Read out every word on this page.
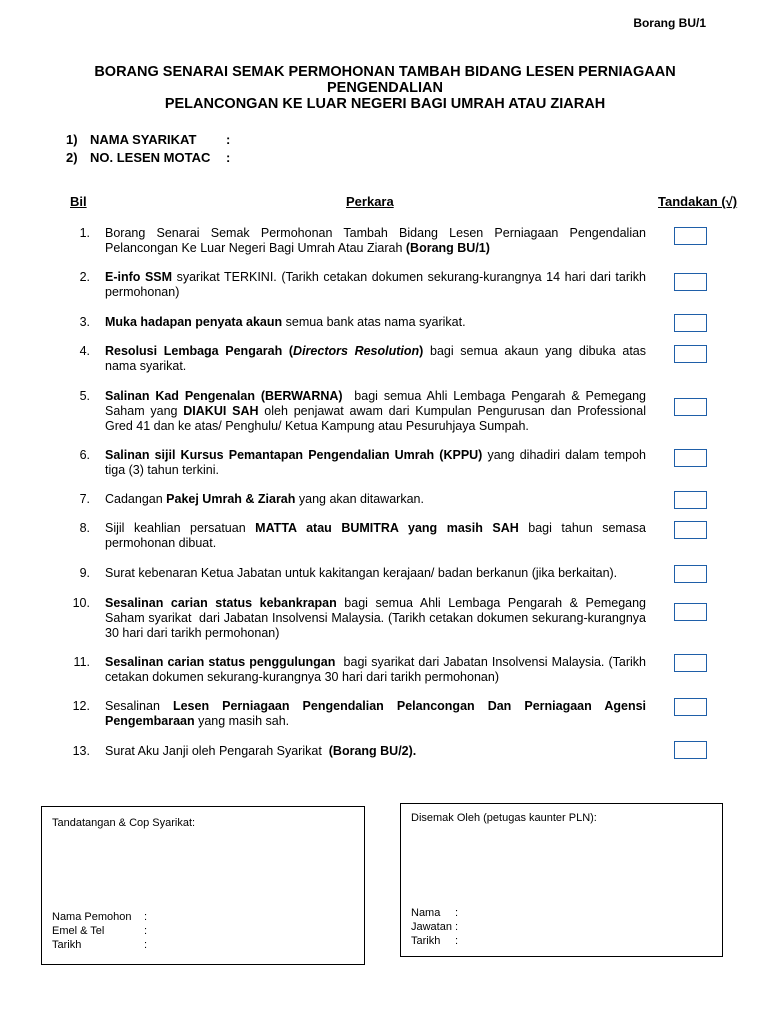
Borang BU/1
BORANG SENARAI SEMAK PERMOHONAN TAMBAH BIDANG LESEN PERNIAGAAN PENGENDALIAN
PELANCONGAN KE LUAR NEGERI BAGI UMRAH ATAU ZIARAH
1) NAMA SYARIKAT :
2) NO. LESEN MOTAC :
Bil	Perkara	Tandakan (√)
1. Borang Senarai Semak Permohonan Tambah Bidang Lesen Perniagaan Pengendalian Pelancongan Ke Luar Negeri Bagi Umrah Atau Ziarah (Borang BU/1)
2. E-info SSM syarikat TERKINI. (Tarikh cetakan dokumen sekurang-kurangnya 14 hari dari tarikh permohonan)
3. Muka hadapan penyata akaun semua bank atas nama syarikat.
4. Resolusi Lembaga Pengarah (Directors Resolution) bagi semua akaun yang dibuka atas nama syarikat.
5. Salinan Kad Pengenalan (BERWARNA)  bagi semua Ahli Lembaga Pengarah & Pemegang Saham yang DIAKUI SAH oleh penjawat awam dari Kumpulan Pengurusan dan Professional Gred 41 dan ke atas/ Penghulu/ Ketua Kampung atau Pesuruhjaya Sumpah.
6. Salinan sijil Kursus Pemantapan Pengendalian Umrah (KPPU) yang dihadiri dalam tempoh tiga (3) tahun terkini.
7. Cadangan Pakej Umrah & Ziarah yang akan ditawarkan.
8. Sijil keahlian persatuan MATTA atau BUMITRA yang masih SAH bagi tahun semasa permohonan dibuat.
9. Surat kebenaran Ketua Jabatan untuk kakitangan kerajaan/ badan berkanun (jika berkaitan).
10. Sesalinan carian status kebankrapan bagi semua Ahli Lembaga Pengarah & Pemegang Saham syarikat  dari Jabatan Insolvensi Malaysia. (Tarikh cetakan dokumen sekurang-kurangnya 30 hari dari tarikh permohonan)
11. Sesalinan carian status penggulungan  bagi syarikat dari Jabatan Insolvensi Malaysia. (Tarikh cetakan dokumen sekurang-kurangnya 30 hari dari tarikh permohonan)
12. Sesalinan Lesen Perniagaan Pengendalian Pelancongan Dan Perniagaan Agensi Pengembaraan yang masih sah.
13. Surat Aku Janji oleh Pengarah Syarikat  (Borang BU/2).
Tandatangan & Cop Syarikat:
Nama Pemohon :
Emel & Tel	:
Tarikh	:
Disemak Oleh (petugas kaunter PLN):
Nama :
Jawatan :
Tarikh :
